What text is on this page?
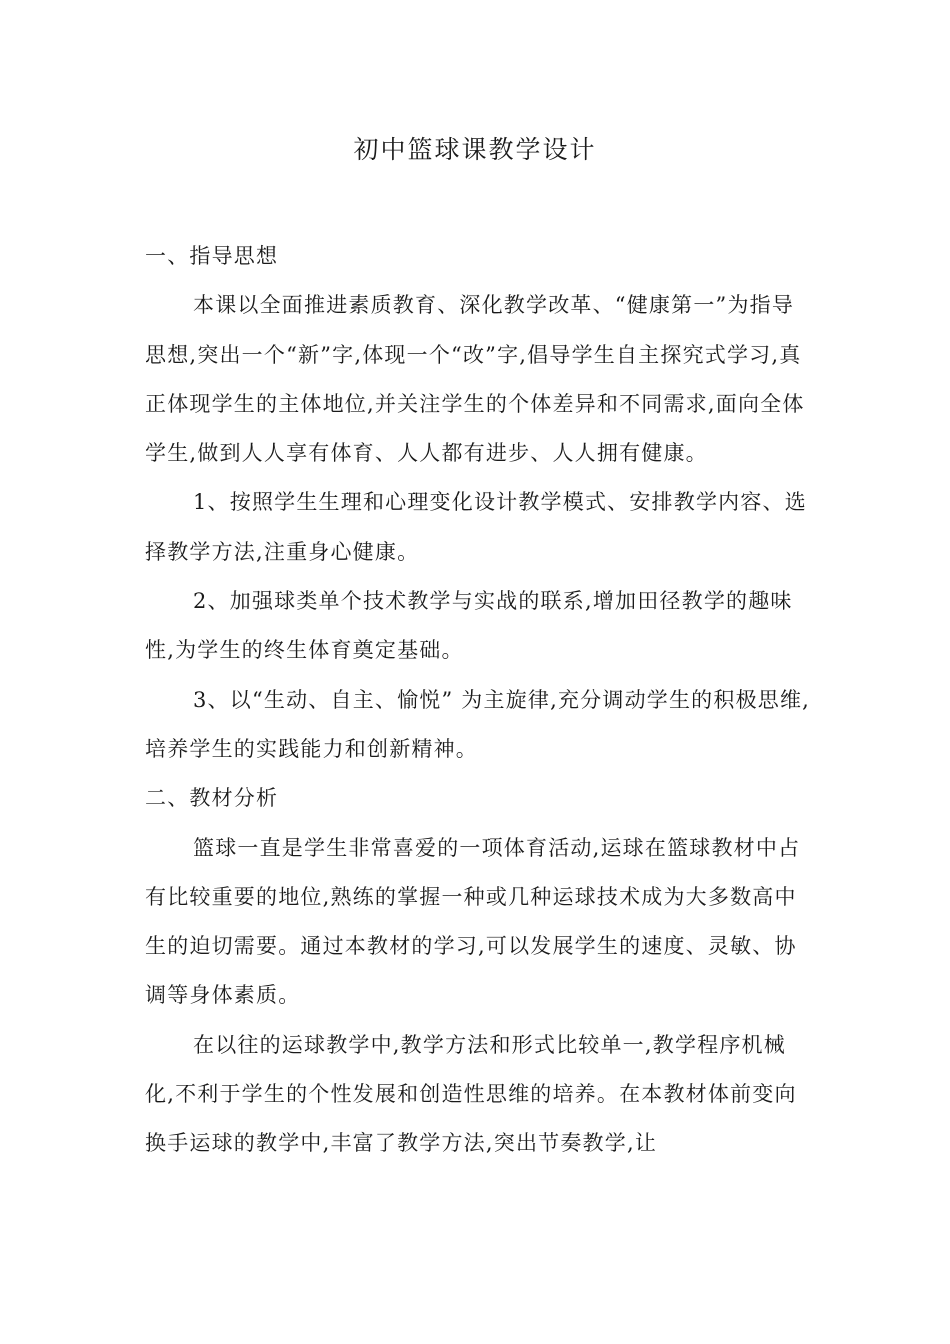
初中篮球课教学设计

一、指导思想

本课以全面推进素质教育、深化教学改革、“健康第一”为指导思想,突出一个“新”字,体现一个“改”字,倡导学生自主探究式学习,真正体现学生的主体地位,并关注学生的个体差异和不同需求,面向全体学生,做到人人享有体育、人人都有进步、人人拥有健康。

1、按照学生生理和心理变化设计教学模式、安排教学内容、选择教学方法,注重身心健康。

2、加强球类单个技术教学与实战的联系,增加田径教学的趣味性,为学生的终生体育奠定基础。

3、以“生动、自主、愉悦” 为主旋律,充分调动学生的积极思维,培养学生的实践能力和创新精神。

二、教材分析

篮球一直是学生非常喜爱的一项体育活动,运球在篮球教材中占有比较重要的地位,熟练的掌握一种或几种运球技术成为大多数高中生的迫切需要。通过本教材的学习,可以发展学生的速度、灵敏、协调等身体素质。

在以往的运球教学中,教学方法和形式比较单一,教学程序机械化,不利于学生的个性发展和创造性思维的培养。在本教材体前变向换手运球的教学中,丰富了教学方法,突出节奏教学,让
